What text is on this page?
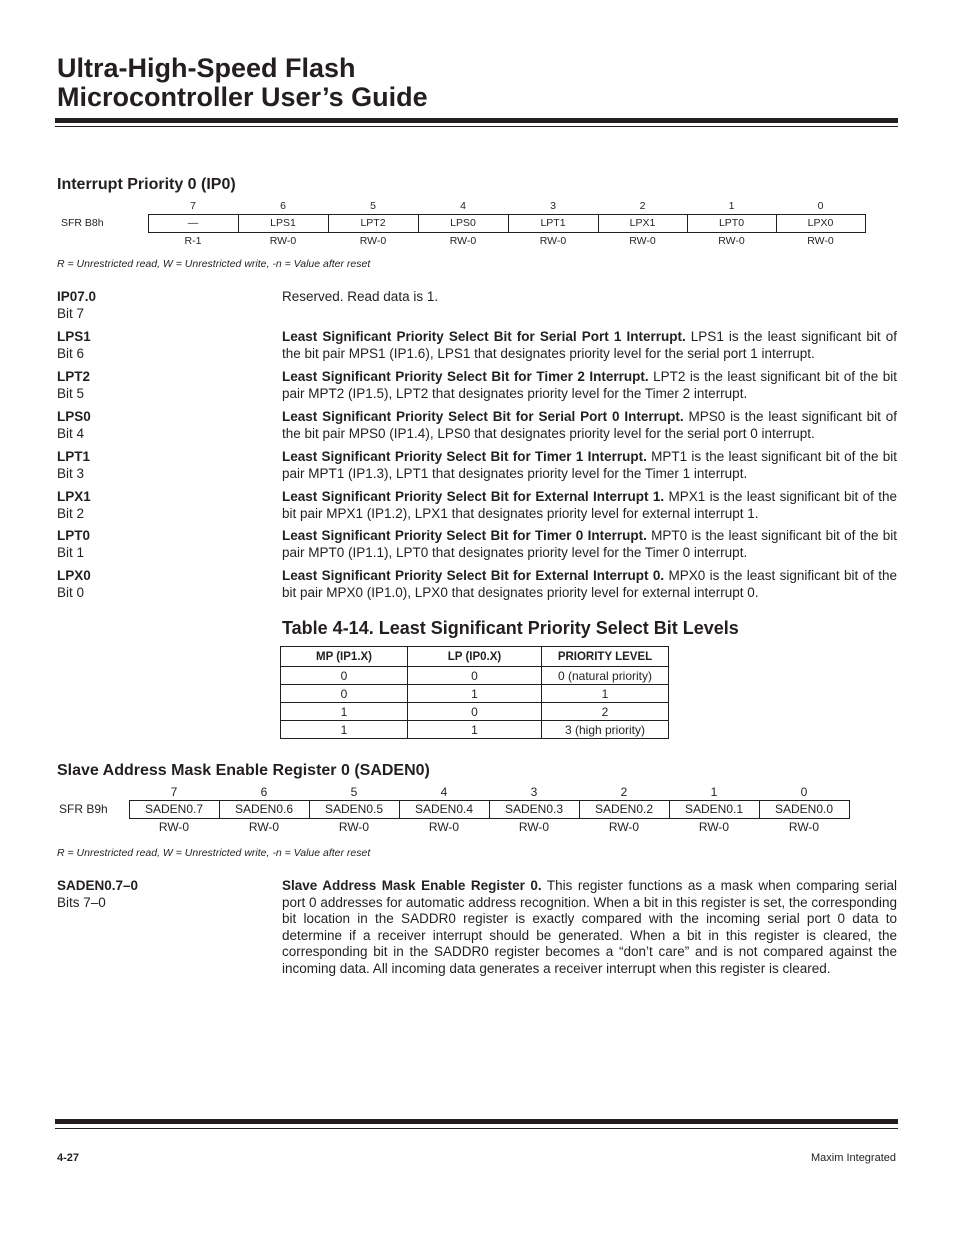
Ultra-High-Speed Flash
Microcontroller User’s Guide
Interrupt Priority 0 (IP0)
	7	6	5	4	3	2	1	0
SFR B8h	—	LPS1	LPT2	LPS0	LPT1	LPX1	LPT0	LPX0
	R-1	RW-0	RW-0	RW-0	RW-0	RW-0	RW-0	RW-0

R = Unrestricted read, W = Unrestricted write, -n = Value after reset

IP07.0
Bit 7
Reserved. Read data is 1.
LPS1
Bit 6
Least Significant Priority Select Bit for Serial Port 1 Interrupt. LPS1 is the least significant bit of the bit pair MPS1 (IP1.6), LPS1 that designates priority level for the serial port 1 interrupt.
LPT2
Bit 5
Least Significant Priority Select Bit for Timer 2 Interrupt. LPT2 is the least significant bit of the bit pair MPT2 (IP1.5), LPT2 that designates priority level for the Timer 2 interrupt.
LPS0
Bit 4
Least Significant Priority Select Bit for Serial Port 0 Interrupt. MPS0 is the least significant bit of the bit pair MPS0 (IP1.4), LPS0 that designates priority level for the serial port 0 interrupt.
LPT1
Bit 3
Least Significant Priority Select Bit for Timer 1 Interrupt. MPT1 is the least significant bit of the bit pair MPT1 (IP1.3), LPT1 that designates priority level for the Timer 1 interrupt.
LPX1
Bit 2
Least Significant Priority Select Bit for External Interrupt 1. MPX1 is the least significant bit of the bit pair MPX1 (IP1.2), LPX1 that designates priority level for external interrupt 1.
LPT0
Bit 1
Least Significant Priority Select Bit for Timer 0 Interrupt. MPT0 is the least significant bit of the bit pair MPT0 (IP1.1), LPT0 that designates priority level for the Timer 0 interrupt.
LPX0
Bit 0
Least Significant Priority Select Bit for External Interrupt 0. MPX0 is the least significant bit of the bit pair MPX0 (IP1.0), LPX0 that designates priority level for external interrupt 0.
Table 4-14. Least Significant Priority Select Bit Levels
MP (IP1.X)	LP (IP0.X)	PRIORITY LEVEL
0	0	0 (natural priority)
0	1	1
1	0	2
1	1	3 (high priority)
Slave Address Mask Enable Register 0 (SADEN0)
	7	6	5	4	3	2	1	0
SFR B9h	SADEN0.7	SADEN0.6	SADEN0.5	SADEN0.4	SADEN0.3	SADEN0.2	SADEN0.1	SADEN0.0
	RW-0	RW-0	RW-0	RW-0	RW-0	RW-0	RW-0	RW-0

R = Unrestricted read, W = Unrestricted write, -n = Value after reset

SADEN0.7–0
Bits 7–0
Slave Address Mask Enable Register 0. This register functions as a mask when comparing serial port 0 addresses for automatic address recognition. When a bit in this register is set, the corresponding bit location in the SADDR0 register is exactly compared with the incoming serial port 0 data to determine if a receiver interrupt should be generated. When a bit in this register is cleared, the corresponding bit in the SADDR0 register becomes a “don’t care” and is not compared against the incoming data. All incoming data generates a receiver interrupt when this register is cleared.
4-27	Maxim Integrated
